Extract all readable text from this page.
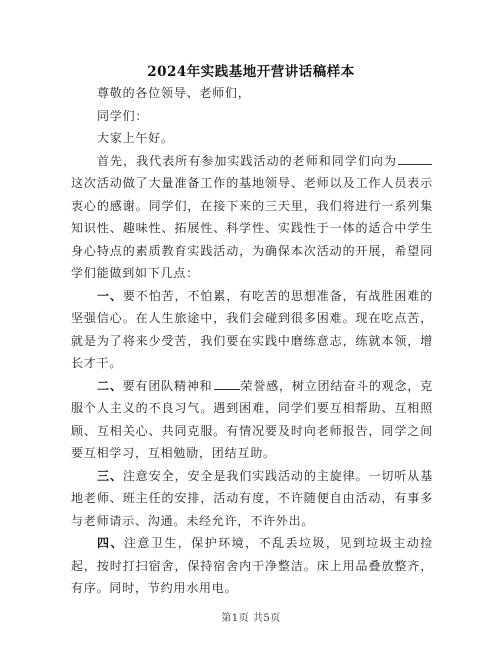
2024年实践基地开营讲话稿样本

尊敬的各位领导、老师们，

同学们：

大家上午好。

首先，我代表所有参加实践活动的老师和同学们向为这次活动做了大量准备工作的基地领导、老师以及工作人员表示衷心的感谢。同学们，在接下来的三天里，我们将进行一系列集知识性、趣味性、拓展性、科学性、实践性于一体的适合中学生身心特点的素质教育实践活动，为确保本次活动的开展，希望同学们能做到如下几点：

一、要不怕苦，不怕累，有吃苦的思想准备，有战胜困难的坚强信心。在人生旅途中，我们会碰到很多困难。现在吃点苦，就是为了将来少受苦，我们要在实践中磨练意志，练就本领，增长才干。

二、要有团队精神和 荣誉感，树立团结奋斗的观念，克服个人主义的不良习气。遇到困难，同学们要互相帮助、互相照顾、互相关心、共同克服。有情况要及时向老师报告，同学之间要互相学习，互相勉励，团结互助。

三、注意安全，安全是我们实践活动的主旋律。一切听从基地老师、班主任的安排，活动有度，不许随便自由活动，有事多与老师请示、沟通。未经允许，不许外出。

四、注意卫生，保护环境，不乱丢垃圾，见到垃圾主动捡起，按时打扫宿舍，保持宿舍内干净整洁。床上用品叠放整齐，有序。同时，节约用水用电。

第1页 共5页
